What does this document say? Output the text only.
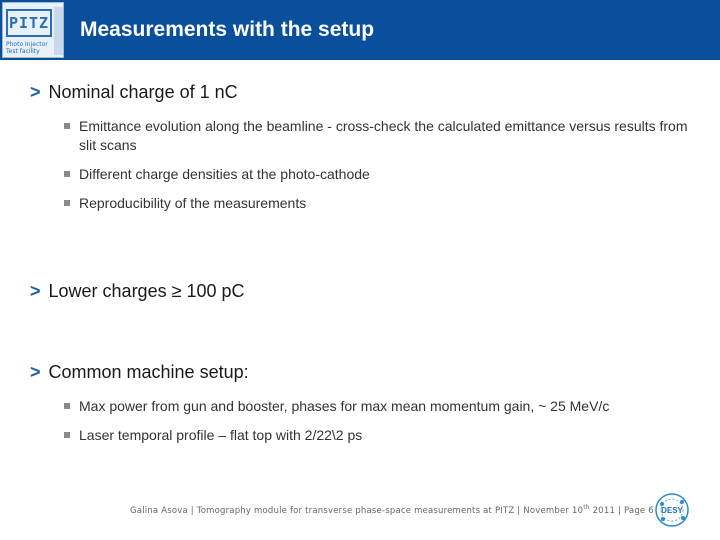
PITZ
Photo Injector
Test facility
Measurements with the setup
> Nominal charge of 1 nC
Emittance evolution along the beamline - cross-check the calculated emittance versus results from slit scans
Different charge densities at the photo-cathode
Reproducibility of the measurements
> Lower charges ≥ 100 pC
> Common machine setup:
Max power from gun and booster, phases for max mean momentum gain, ~ 25 MeV/c
Laser temporal profile – flat top with 2/22\2 ps
Galina Asova | Tomography module for transverse phase-space measurements at PITZ | November 10th 2011 | Page 6 DESY
